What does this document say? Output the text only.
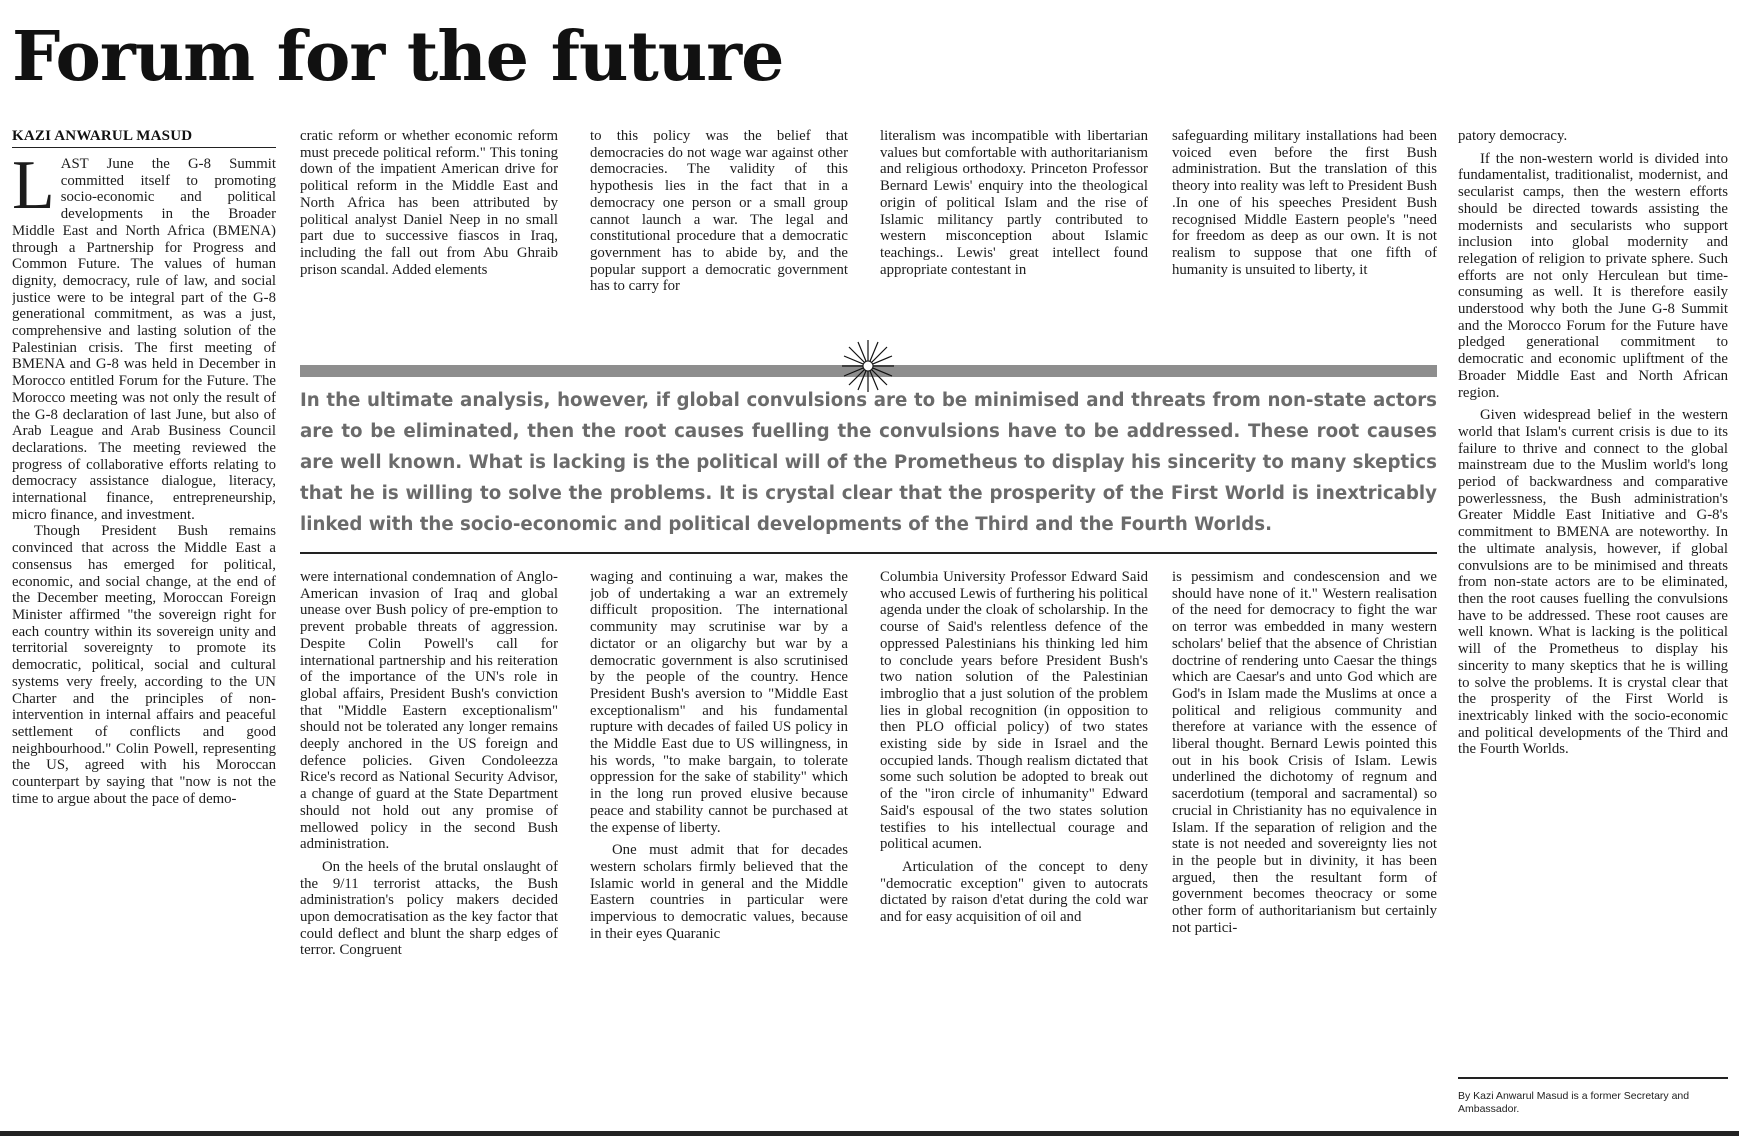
Forum for the future
KAZI ANWARUL MASUD
L AST June the G-8 Summit committed itself to promoting socio-economic and political developments in the Broader Middle East and North Africa (BMENA) through a Partnership for Progress and Common Future. The values of human dignity, democracy, rule of law, and social justice were to be integral part of the G-8 generational commitment, as was a just, comprehensive and lasting solution of the Palestinian crisis. The first meeting of BMENA and G-8 was held in December in Morocco entitled Forum for the Future. The Morocco meeting was not only the result of the G-8 declaration of last June, but also of Arab League and Arab Business Council declarations. The meeting reviewed the progress of collaborative efforts relating to democracy assistance dialogue, literacy, international finance, entrepreneurship, micro finance, and investment.

Though President Bush remains convinced that across the Middle East a consensus has emerged for political, economic, and social change, at the end of the December meeting, Moroccan Foreign Minister affirmed "the sovereign right for each country within its sovereign unity and territorial sovereignty to promote its democratic, political, social and cultural systems very freely, according to the UN Charter and the principles of non-intervention in internal affairs and peaceful settlement of conflicts and good neighbourhood." Colin Powell, representing the US, agreed with his Moroccan counterpart by saying that "now is not the time to argue about the pace of demo-

cratic reform or whether economic reform must precede political reform." This toning down of the impatient American drive for political reform in the Middle East and North Africa has been attributed by political analyst Daniel Neep in no small part due to successive fiascos in Iraq, including the fall out from Abu Ghraib prison scandal. Added elements

to this policy was the belief that democracies do not wage war against other democracies. The validity of this hypothesis lies in the fact that in a democracy one person or a small group cannot launch a war. The legal and constitutional procedure that a democratic government has to abide by, and the popular support a democratic government has to carry for

literalism was incompatible with libertarian values but comfortable with authoritarianism and religious orthodoxy. Princeton Professor Bernard Lewis' enquiry into the theological origin of political Islam and the rise of Islamic militancy partly contributed to western misconception about Islamic teachings.. Lewis' great intellect found appropriate contestant in

safeguarding military installations had been voiced even before the first Bush administration. But the translation of this theory into reality was left to President Bush .In one of his speeches President Bush recognised Middle Eastern people's "need for freedom as deep as our own. It is not realism to suppose that one fifth of humanity is unsuited to liberty, it

In the ultimate analysis, however, if global convulsions are to be minimised and threats from non-state actors are to be eliminated, then the root causes fuelling the convulsions have to be addressed. These root causes are well known. What is lacking is the political will of the Prometheus to display his sincerity to many skeptics that he is willing to solve the problems. It is crystal clear that the prosperity of the First World is inextricably linked with the socio-economic and political developments of the Third and the Fourth Worlds.

were international condemnation of Anglo-American invasion of Iraq and global unease over Bush policy of pre-emption to prevent probable threats of aggression. Despite Colin Powell's call for international partnership and his reiteration of the importance of the UN's role in global affairs, President Bush's conviction that "Middle Eastern exceptionalism" should not be tolerated any longer remains deeply anchored in the US foreign and defence policies. Given Condoleezza Rice's record as National Security Advisor, a change of guard at the State Department should not hold out any promise of mellowed policy in the second Bush administration.

On the heels of the brutal onslaught of the 9/11 terrorist attacks, the Bush administration's policy makers decided upon democratisation as the key factor that could deflect and blunt the sharp edges of terror. Congruent

waging and continuing a war, makes the job of undertaking a war an extremely difficult proposition. The international community may scrutinise war by a dictator or an oligarchy but war by a democratic government is also scrutinised by the people of the country. Hence President Bush's aversion to "Middle East exceptionalism" and his fundamental rupture with decades of failed US policy in the Middle East due to US willingness, in his words, "to make bargain, to tolerate oppression for the sake of stability" which in the long run proved elusive because peace and stability cannot be purchased at the expense of liberty.

One must admit that for decades western scholars firmly believed that the Islamic world in general and the Middle Eastern countries in particular were impervious to democratic values, because in their eyes Quaranic

Columbia University Professor Edward Said who accused Lewis of furthering his political agenda under the cloak of scholarship. In the course of Said's relentless defence of the oppressed Palestinians his thinking led him to conclude years before President Bush's two nation solution of the Palestinian imbroglio that a just solution of the problem lies in global recognition (in opposition to then PLO official policy) of two states existing side by side in Israel and the occupied lands. Though realism dictated that some such solution be adopted to break out of the "iron circle of inhumanity" Edward Said's espousal of the two states solution testifies to his intellectual courage and political acumen.

Articulation of the concept to deny "democratic exception" given to autocrats dictated by raison d'etat during the cold war and for easy acquisition of oil and

is pessimism and condescension and we should have none of it." Western realisation of the need for democracy to fight the war on terror was embedded in many western scholars' belief that the absence of Christian doctrine of rendering unto Caesar the things which are Caesar's and unto God which are God's in Islam made the Muslims at once a political and religious community and therefore at variance with the essence of liberal thought. Bernard Lewis pointed this out in his book Crisis of Islam. Lewis underlined the dichotomy of regnum and sacerdotium (temporal and sacramental) so crucial in Christianity has no equivalence in Islam. If the separation of religion and the state is not needed and sovereignty lies not in the people but in divinity, it has been argued, then the resultant form of government becomes theocracy or some other form of authoritarianism but certainly not partici-

patory democracy.

If the non-western world is divided into fundamentalist, traditionalist, modernist, and secularist camps, then the western efforts should be directed towards assisting the modernists and secularists who support inclusion into global modernity and relegation of religion to private sphere. Such efforts are not only Herculean but time-consuming as well. It is therefore easily understood why both the June G-8 Summit and the Morocco Forum for the Future have pledged generational commitment to democratic and economic upliftment of the Broader Middle East and North African region.

Given widespread belief in the western world that Islam's current crisis is due to its failure to thrive and connect to the global mainstream due to the Muslim world's long period of backwardness and comparative powerlessness, the Bush administration's Greater Middle East Initiative and G-8's commitment to BMENA are noteworthy. In the ultimate analysis, however, if global convulsions are to be minimised and threats from non-state actors are to be eliminated, then the root causes fuelling the convulsions have to be addressed. These root causes are well known. What is lacking is the political will of the Prometheus to display his sincerity to many skeptics that he is willing to solve the problems. It is crystal clear that the prosperity of the First World is inextricably linked with the socio-economic and political developments of the Third and the Fourth Worlds.

By Kazi Anwarul Masud is a former Secretary and Ambassador.
